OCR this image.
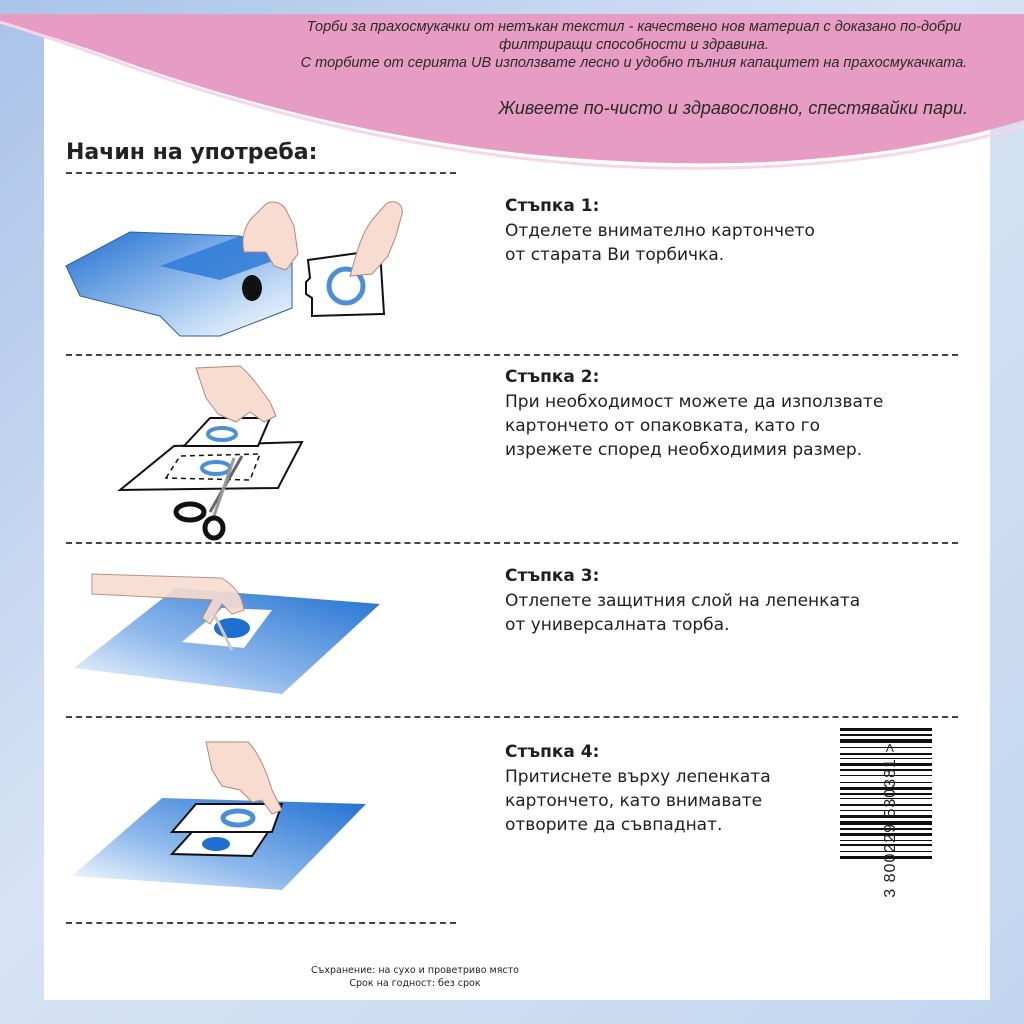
Торби за прахосмукачки от нетъкан текстил - качествено нов материал с доказано по-добри
филтриращи способности и здравина.
С торбите от серията UB използвате лесно и удобно пълния капацитет на прахосмукачката.
Живеете по-чисто и здравословно, спестявайки пари.
Начин на употреба:
Стъпка 1:
Отделете внимателно картончето
от старата Ви торбичка.
Стъпка 2:
При необходимост можете да използвате
картончето от опаковката, като го
изрежете според необходимия размер.
Стъпка 3:
Отлепете защитния слой на лепенката
от универсалната торба.
Стъпка 4:
Притиснете върху лепенката
картончето, като внимавате
отворите да съвпаднат.	3 800229 530381 >
Съхранение: на сухо и проветриво място
Срок на годност: без срок
